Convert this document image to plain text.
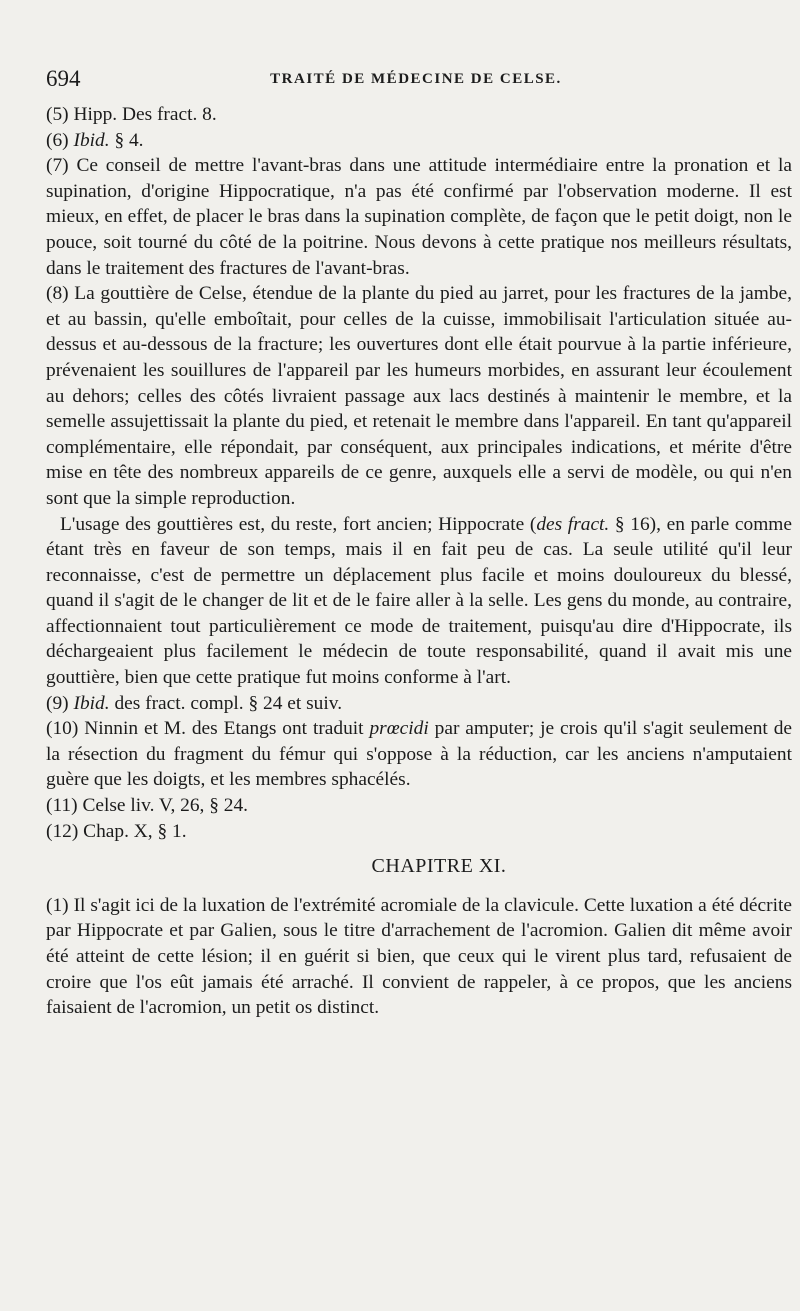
694	TRAITÉ DE MÉDECINE DE CELSE.

(5) Hipp. Des fract. 8.

(6) Ibid. § 4.

(7) Ce conseil de mettre l'avant-bras dans une attitude intermédiaire entre la pronation et la supination, d'origine Hippocratique, n'a pas été confirmé par l'observation moderne. Il est mieux, en effet, de placer le bras dans la supination complète, de façon que le petit doigt, non le pouce, soit tourné du côté de la poitrine. Nous devons à cette pratique nos meilleurs résultats, dans le traitement des fractures de l'avant-bras.

(8) La gouttière de Celse, étendue de la plante du pied au jarret, pour les fractures de la jambe, et au bassin, qu'elle emboîtait, pour celles de la cuisse, immobilisait l'articulation située au-dessus et au-dessous de la fracture; les ouvertures dont elle était pourvue à la partie inférieure, prévenaient les souillures de l'appareil par les humeurs morbides, en assurant leur écoulement au dehors; celles des côtés livraient passage aux lacs destinés à maintenir le membre, et la semelle assujettissait la plante du pied, et retenait le membre dans l'appareil. En tant qu'appareil complémentaire, elle répondait, par conséquent, aux principales indications, et mérite d'être mise en tête des nombreux appareils de ce genre, auxquels elle a servi de modèle, ou qui n'en sont que la simple reproduction.

L'usage des gouttières est, du reste, fort ancien; Hippocrate (des fract. § 16), en parle comme étant très en faveur de son temps, mais il en fait peu de cas. La seule utilité qu'il leur reconnaisse, c'est de permettre un déplacement plus facile et moins douloureux du blessé, quand il s'agit de le changer de lit et de le faire aller à la selle. Les gens du monde, au contraire, affectionnaient tout particulièrement ce mode de traitement, puisqu'au dire d'Hippocrate, ils déchargeaient plus facilement le médecin de toute responsabilité, quand il avait mis une gouttière, bien que cette pratique fut moins conforme à l'art.

(9) Ibid. des fract. compl. § 24 et suiv.

(10) Ninnin et M. des Etangs ont traduit prœcidi par amputer; je crois qu'il s'agit seulement de la résection du fragment du fémur qui s'oppose à la réduction, car les anciens n'amputaient guère que les doigts, et les membres sphacélés.

(11) Celse liv. V, 26, § 24.

(12) Chap. X, § 1.

CHAPITRE XI.

(1) Il s'agit ici de la luxation de l'extrémité acromiale de la clavicule. Cette luxation a été décrite par Hippocrate et par Galien, sous le titre d'arrachement de l'acromion. Galien dit même avoir été atteint de cette lésion; il en guérit si bien, que ceux qui le virent plus tard, refusaient de croire que l'os eût jamais été arraché. Il convient de rappeler, à ce propos, que les anciens faisaient de l'acromion, un petit os distinct.
